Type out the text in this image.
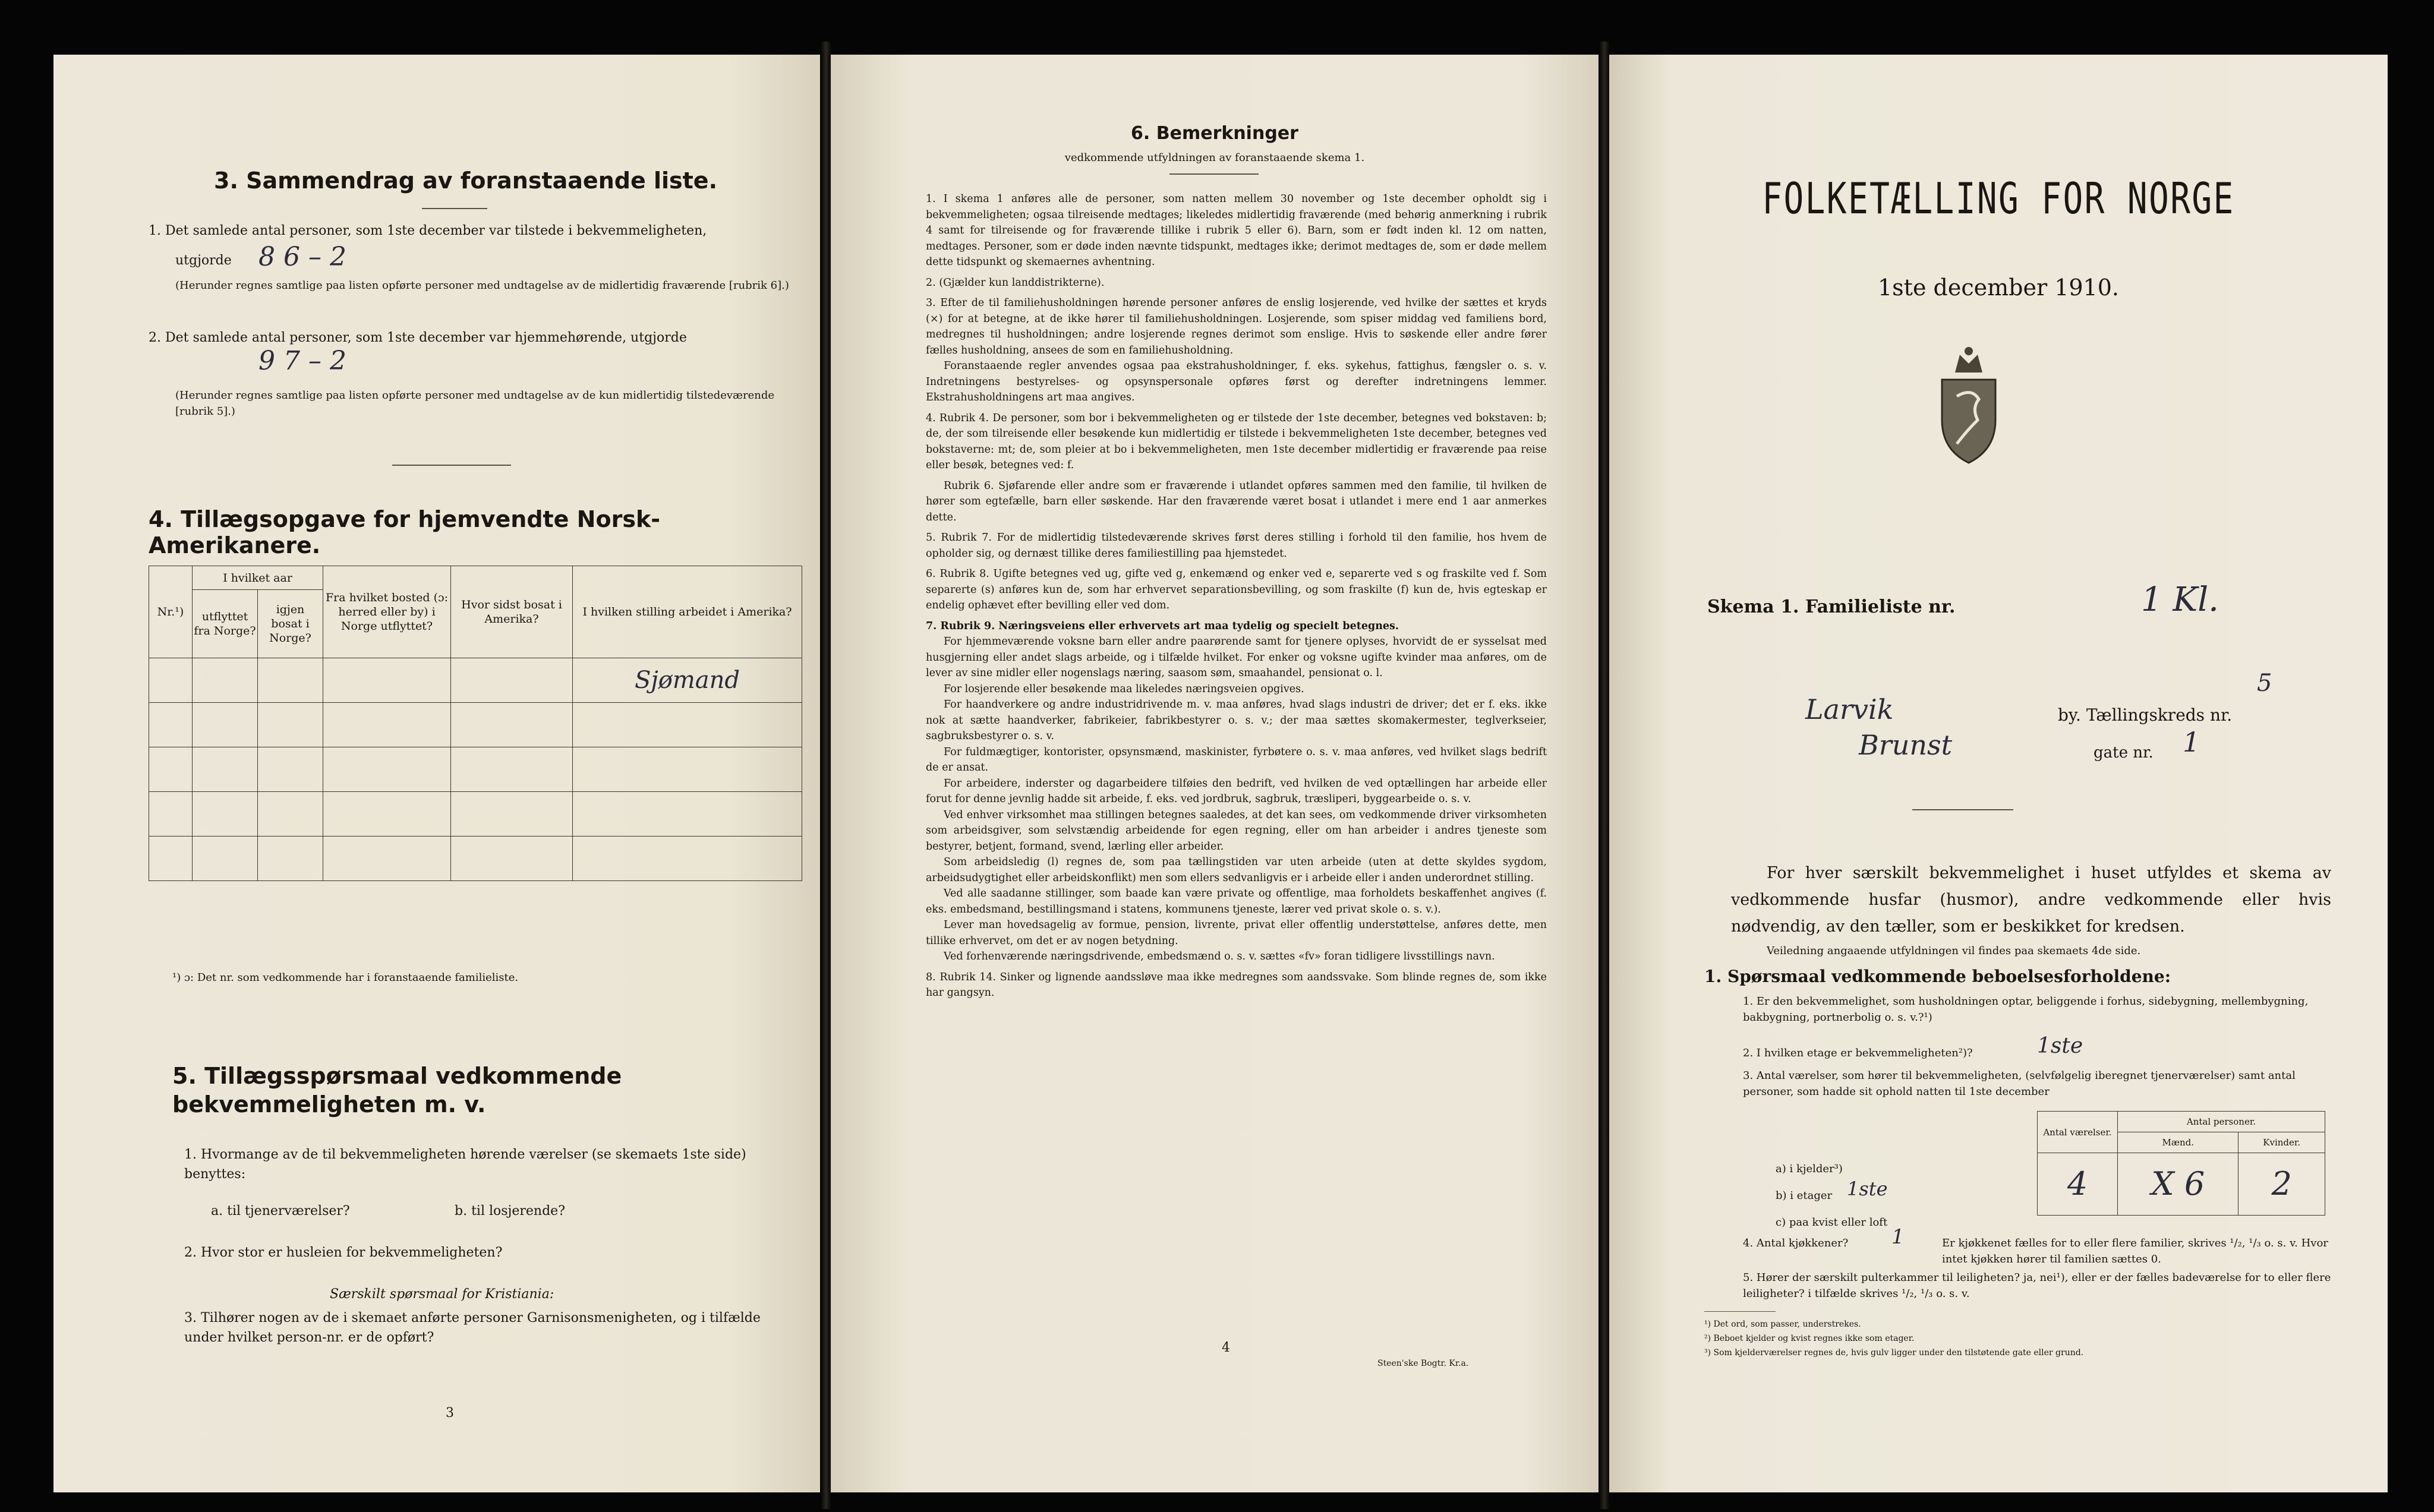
3. Sammendrag av foranstaaende liste.

1. Det samlede antal personer, som 1ste december var tilstede i bekvemmeligheten,

utgjorde 8 6 – 2

(Herunder regnes samtlige paa listen opførte personer med undtagelse av de midlertidig fraværende [rubrik 6].)

2. Det samlede antal personer, som 1ste december var hjemmehørende, utgjorde

9 7 – 2

(Herunder regnes samtlige paa listen opførte personer med undtagelse av de kun midlertidig tilstedeværende [rubrik 5].)

4. Tillægsopgave for hjemvendte Norsk-Amerikanere.
Nr.¹)	I hvilket aar		Fra hvilket bosted (ɔ: herred eller by) i Norge utflyttet?	Hvor sidst bosat i Amerika?	I hvilken stilling arbeidet i Amerika?
	utflyttet fra Norge?	igjen bosat i Norge?			
					Sjømand

¹) ɔ: Det nr. som vedkommende har i foranstaaende familieliste.

5. Tillægsspørsmaal vedkommende bekvemmeligheten m. v.

1. Hvormange av de til bekvemmeligheten hørende værelser (se skemaets 1ste side) benyttes:

a. til tjenerværelser?	b. til losjerende?

2. Hvor stor er husleien for bekvemmeligheten?

Særskilt spørsmaal for Kristiania:

3. Tilhører nogen av de i skemaet anførte personer Garnisonsmenigheten, og i tilfælde under hvilket person-nr. er de opført?

3

6. Bemerkninger
vedkommende utfyldningen av foranstaaende skema 1.

1. I skema 1 anføres alle de personer, som natten mellem 30 november og 1ste december opholdt sig i bekvemmeligheten; ogsaa tilreisende medtages; likeledes midlertidig fraværende (med behørig anmerkning i rubrik 4 samt for tilreisende og for fraværende tillike i rubrik 5 eller 6). Barn, som er født inden kl. 12 om natten, medtages. Personer, som er døde inden nævnte tidspunkt, medtages ikke; derimot medtages de, som er døde mellem dette tidspunkt og skemaernes avhentning.

2. (Gjælder kun landdistrikterne).

3. Efter de til familiehusholdningen hørende personer anføres de enslig losjerende, ved hvilke der sættes et kryds (×) for at betegne, at de ikke hører til familiehusholdningen. Losjerende, som spiser middag ved familiens bord, medregnes til husholdningen; andre losjerende regnes derimot som enslige. Hvis to søskende eller andre fører fælles husholdning, ansees de som en familiehusholdning.

Foranstaaende regler anvendes ogsaa paa ekstrahusholdninger, f. eks. sykehus, fattighus, fængsler o. s. v. Indretningens bestyrelses- og opsynspersonale opføres først og derefter indretningens lemmer. Ekstrahusholdningens art maa angives.

4. Rubrik 4. De personer, som bor i bekvemmeligheten og er tilstede der 1ste december, betegnes ved bokstaven: b; de, der som tilreisende eller besøkende kun midlertidig er tilstede i bekvemmeligheten 1ste december, betegnes ved bokstaverne: mt; de, som pleier at bo i bekvemmeligheten, men 1ste december midlertidig er fraværende paa reise eller besøk, betegnes ved: f.

Rubrik 6. Sjøfarende eller andre som er fraværende i utlandet opføres sammen med den familie, til hvilken de hører som egtefælle, barn eller søskende. Har den fraværende været bosat i utlandet i mere end 1 aar anmerkes dette.

5. Rubrik 7. For de midlertidig tilstedeværende skrives først deres stilling i forhold til den familie, hos hvem de opholder sig, og dernæst tillike deres familiestilling paa hjemstedet.

6. Rubrik 8. Ugifte betegnes ved ug, gifte ved g, enkemænd og enker ved e, separerte ved s og fraskilte ved f. Som separerte (s) anføres kun de, som har erhvervet separationsbevilling, og som fraskilte (f) kun de, hvis egteskap er endelig ophævet efter bevilling eller ved dom.

7. Rubrik 9. Næringsveiens eller erhvervets art maa tydelig og specielt betegnes.

For hjemmeværende voksne barn eller andre paarørende samt for tjenere oplyses, hvorvidt de er sysselsat med husgjerning eller andet slags arbeide, og i tilfælde hvilket. For enker og voksne ugifte kvinder maa anføres, om de lever av sine midler eller nogenslags næring, saasom søm, smaahandel, pensionat o. l.

For losjerende eller besøkende maa likeledes næringsveien opgives.

For haandverkere og andre industridrivende m. v. maa anføres, hvad slags industri de driver; det er f. eks. ikke nok at sætte haandverker, fabrikeier, fabrikbestyrer o. s. v.; der maa sættes skomakermester, teglverkseier, sagbruksbestyrer o. s. v.

For fuldmægtiger, kontorister, opsynsmænd, maskinister, fyrbøtere o. s. v. maa anføres, ved hvilket slags bedrift de er ansat.

For arbeidere, inderster og dagarbeidere tilføies den bedrift, ved hvilken de ved optællingen har arbeide eller forut for denne jevnlig hadde sit arbeide, f. eks. ved jordbruk, sagbruk, træsliperi, byggearbeide o. s. v.

Ved enhver virksomhet maa stillingen betegnes saaledes, at det kan sees, om vedkommende driver virksomheten som arbeidsgiver, som selvstændig arbeidende for egen regning, eller om han arbeider i andres tjeneste som bestyrer, betjent, formand, svend, lærling eller arbeider.

Som arbeidsledig (l) regnes de, som paa tællingstiden var uten arbeide (uten at dette skyldes sygdom, arbeidsudygtighet eller arbeidskonflikt) men som ellers sedvanligvis er i arbeide eller i anden underordnet stilling.

Ved alle saadanne stillinger, som baade kan være private og offentlige, maa forholdets beskaffenhet angives (f. eks. embedsmand, bestillingsmand i statens, kommunens tjeneste, lærer ved privat skole o. s. v.).

Lever man hovedsagelig av formue, pension, livrente, privat eller offentlig understøttelse, anføres dette, men tillike erhvervet, om det er av nogen betydning.

Ved forhenværende næringsdrivende, embedsmænd o. s. v. sættes «fv» foran tidligere livsstillings navn.

8. Rubrik 14. Sinker og lignende aandssløve maa ikke medregnes som aandssvake. Som blinde regnes de, som ikke har gangsyn.

4

Steen'ske Bogtr. Kr.a.

FOLKETÆLLING FOR NORGE
1ste december 1910.

Skema 1. Familieliste nr.	1 Kl.

Larvik	by. Tællingskreds nr.

5

Brunst	gate nr. 1

For hver særskilt bekvemmelighet i huset utfyldes et skema av vedkommende husfar (husmor), andre vedkommende eller hvis nødvendig, av den tæller, som er beskikket for kredsen.

Veiledning angaaende utfyldningen vil findes paa skemaets 4de side.

1. Spørsmaal vedkommende beboelsesforholdene:

1. Er den bekvemmelighet, som husholdningen optar, beliggende i forhus, sidebygning, mellembygning, bakbygning, portnerbolig o. s. v.?¹)

2. I hvilken etage er bekvemmeligheten²)?	1ste

3. Antal værelser, som hører til bekvemmeligheten, (selvfølgelig iberegnet tjenerværelser) samt antal personer, som hadde sit ophold natten til 1ste december

Antal værelser.	Antal personer.	
	Mænd.	Kvinder.
4	X 6	2

a) i kjelder³)

b) i etager 1ste

c) paa kvist eller loft

4. Antal kjøkkener? 1	Er kjøkkenet fælles for to eller flere familier, skrives ¹/₂, ¹/₃ o. s. v. Hvor intet kjøkken hører til familien sættes 0.

5. Hører der særskilt pulterkammer til leiligheten? ja, nei¹), eller er der fælles badeværelse for to eller flere leiligheter? i tilfælde skrives ¹/₂, ¹/₃ o. s. v.

¹) Det ord, som passer, understrekes.

²) Beboet kjelder og kvist regnes ikke som etager.

³) Som kjelderværelser regnes de, hvis gulv ligger under den tilstøtende gate eller grund.
